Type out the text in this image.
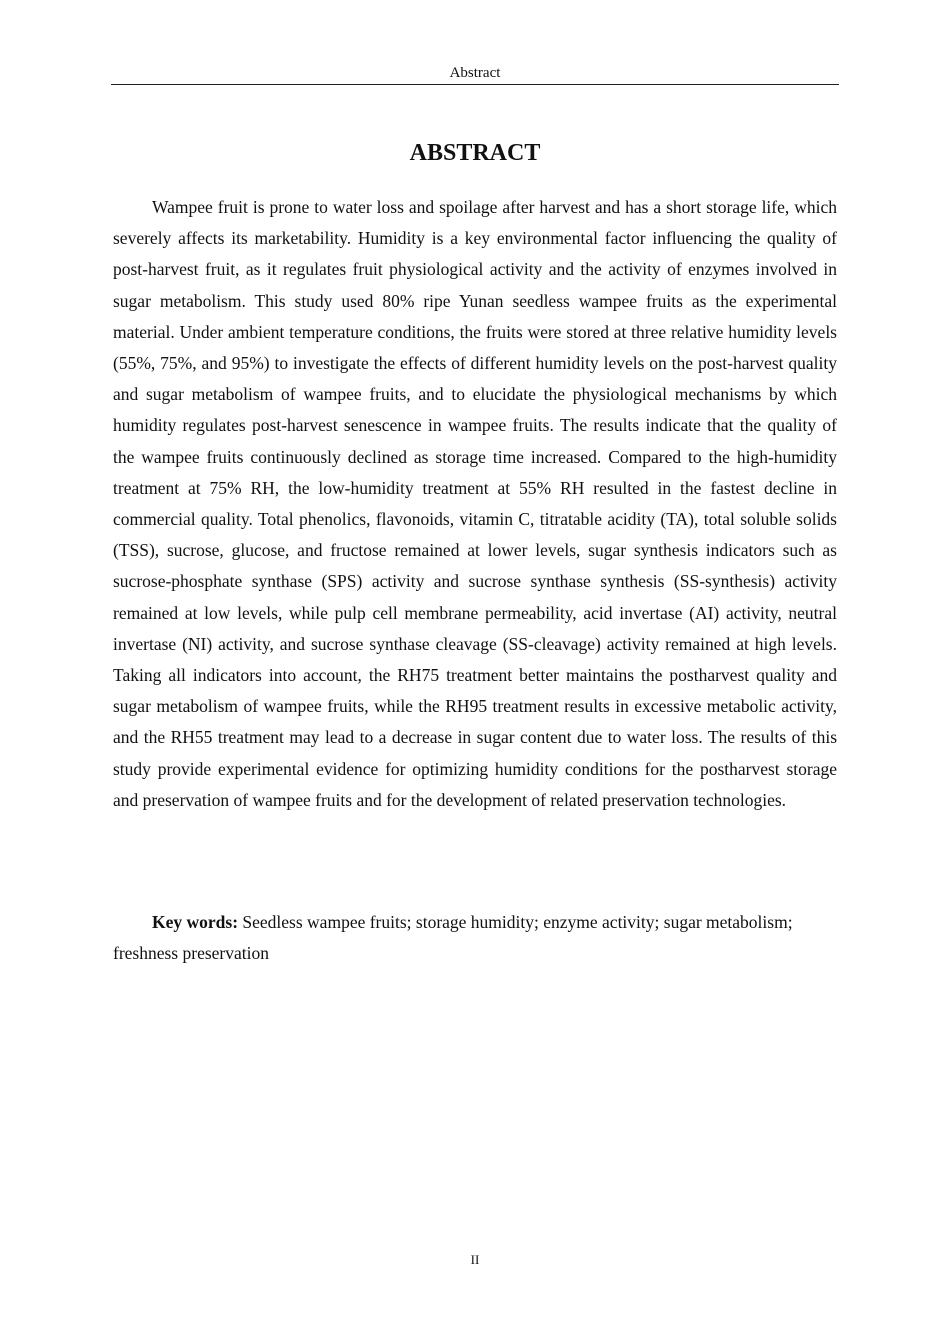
Abstract
ABSTRACT

Wampee fruit is prone to water loss and spoilage after harvest and has a short storage life, which severely affects its marketability. Humidity is a key environmental factor influencing the quality of post-harvest fruit, as it regulates fruit physiological activity and the activity of enzymes involved in sugar metabolism. This study used 80% ripe Yunan seedless wampee fruits as the experimental material. Under ambient temperature conditions, the fruits were stored at three relative humidity levels (55%, 75%, and 95%) to investigate the effects of different humidity levels on the post-harvest quality and sugar metabolism of wampee fruits, and to elucidate the physiological mechanisms by which humidity regulates post-harvest senescence in wampee fruits. The results indicate that the quality of the wampee fruits continuously declined as storage time increased. Compared to the high-humidity treatment at 75% RH, the low-humidity treatment at 55% RH resulted in the fastest decline in commercial quality. Total phenolics, flavonoids, vitamin C, titratable acidity (TA), total soluble solids (TSS), sucrose, glucose, and fructose remained at lower levels, sugar synthesis indicators such as sucrose-phosphate synthase (SPS) activity and sucrose synthase synthesis (SS-synthesis) activity remained at low levels, while pulp cell membrane permeability, acid invertase (AI) activity, neutral invertase (NI) activity, and sucrose synthase cleavage (SS-cleavage) activity remained at high levels. Taking all indicators into account, the RH75 treatment better maintains the postharvest quality and sugar metabolism of wampee fruits, while the RH95 treatment results in excessive metabolic activity, and the RH55 treatment may lead to a decrease in sugar content due to water loss. The results of this study provide experimental evidence for optimizing humidity conditions for the postharvest storage and preservation of wampee fruits and for the development of related preservation technologies.

Key words: Seedless wampee fruits; storage humidity; enzyme activity; sugar metabolism; freshness preservation

II
